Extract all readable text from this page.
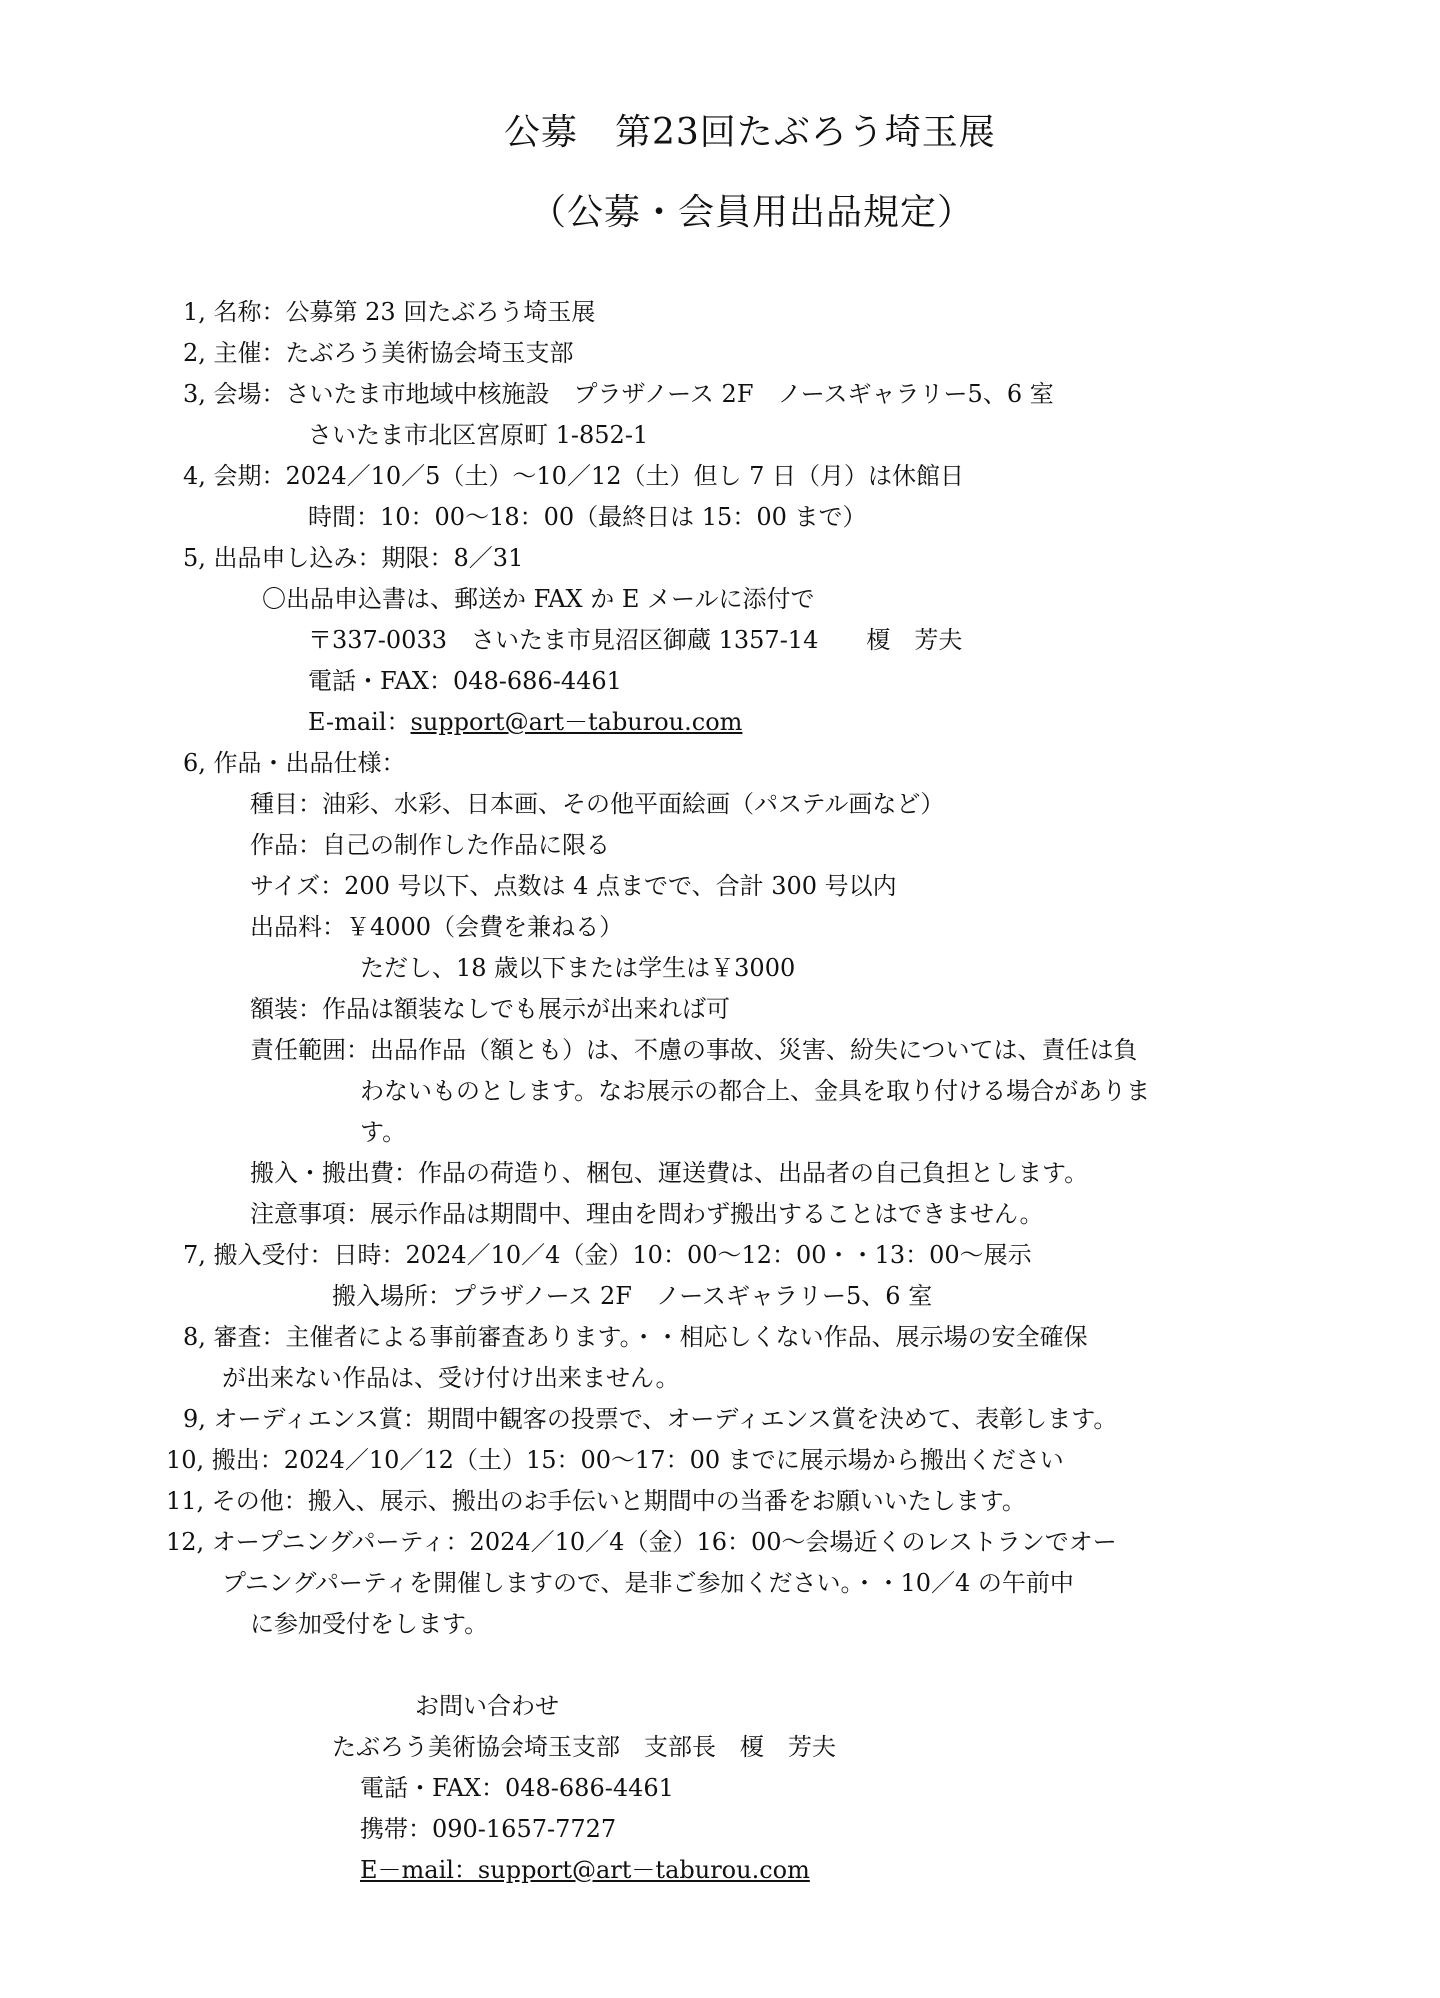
公募　第23回たぶろう埼玉展
（公募・会員用出品規定）
1, 名称：公募第 23 回たぶろう埼玉展
2, 主催：たぶろう美術協会埼玉支部
3, 会場：さいたま市地域中核施設　プラザノース 2F　ノースギャラリー5、6 室
さいたま市北区宮原町 1-852-1
4, 会期：2024／10／5（土）～10／12（土）但し 7 日（月）は休館日
時間：10：00～18：00（最終日は 15：00 まで）
5, 出品申し込み：期限：8／31
〇出品申込書は、郵送か FAX か E メールに添付で
〒337-0033　さいたま市見沼区御蔵 1357-14　　榎　芳夫
電話・FAX：048-686-4461
E-mail：support@art－taburou.com
6, 作品・出品仕様：
種目：油彩、水彩、日本画、その他平面絵画（パステル画など）
作品：自己の制作した作品に限る
サイズ：200 号以下、点数は 4 点までで、合計 300 号以内
出品料：￥4000（会費を兼ねる）
ただし、18 歳以下または学生は￥3000
額装：作品は額装なしでも展示が出来れば可
責任範囲：出品作品（額とも）は、不慮の事故、災害、紛失については、責任は負
わないものとします。なお展示の都合上、金具を取り付ける場合がありま
す。
搬入・搬出費：作品の荷造り、梱包、運送費は、出品者の自己負担とします。
注意事項：展示作品は期間中、理由を問わず搬出することはできません。
7, 搬入受付：日時：2024／10／4（金）10：00～12：00・・13：00～展示
搬入場所：プラザノース 2F　ノースギャラリー5、6 室
8, 審査：主催者による事前審査あります。・・相応しくない作品、展示場の安全確保
が出来ない作品は、受け付け出来ません。
9, オーディエンス賞：期間中観客の投票で、オーディエンス賞を決めて、表彰します。
10, 搬出：2024／10／12（土）15：00～17：00 までに展示場から搬出ください
11, その他：搬入、展示、搬出のお手伝いと期間中の当番をお願いいたします。
12, オープニングパーティ：2024／10／4（金）16：00～会場近くのレストランでオー
プニングパーティを開催しますので、是非ご参加ください。・・10／4 の午前中
に参加受付をします。
お問い合わせ
たぶろう美術協会埼玉支部　支部長　榎　芳夫
電話・FAX：048-686-4461
携帯：090-1657-7727
E－mail：support@art－taburou.com
